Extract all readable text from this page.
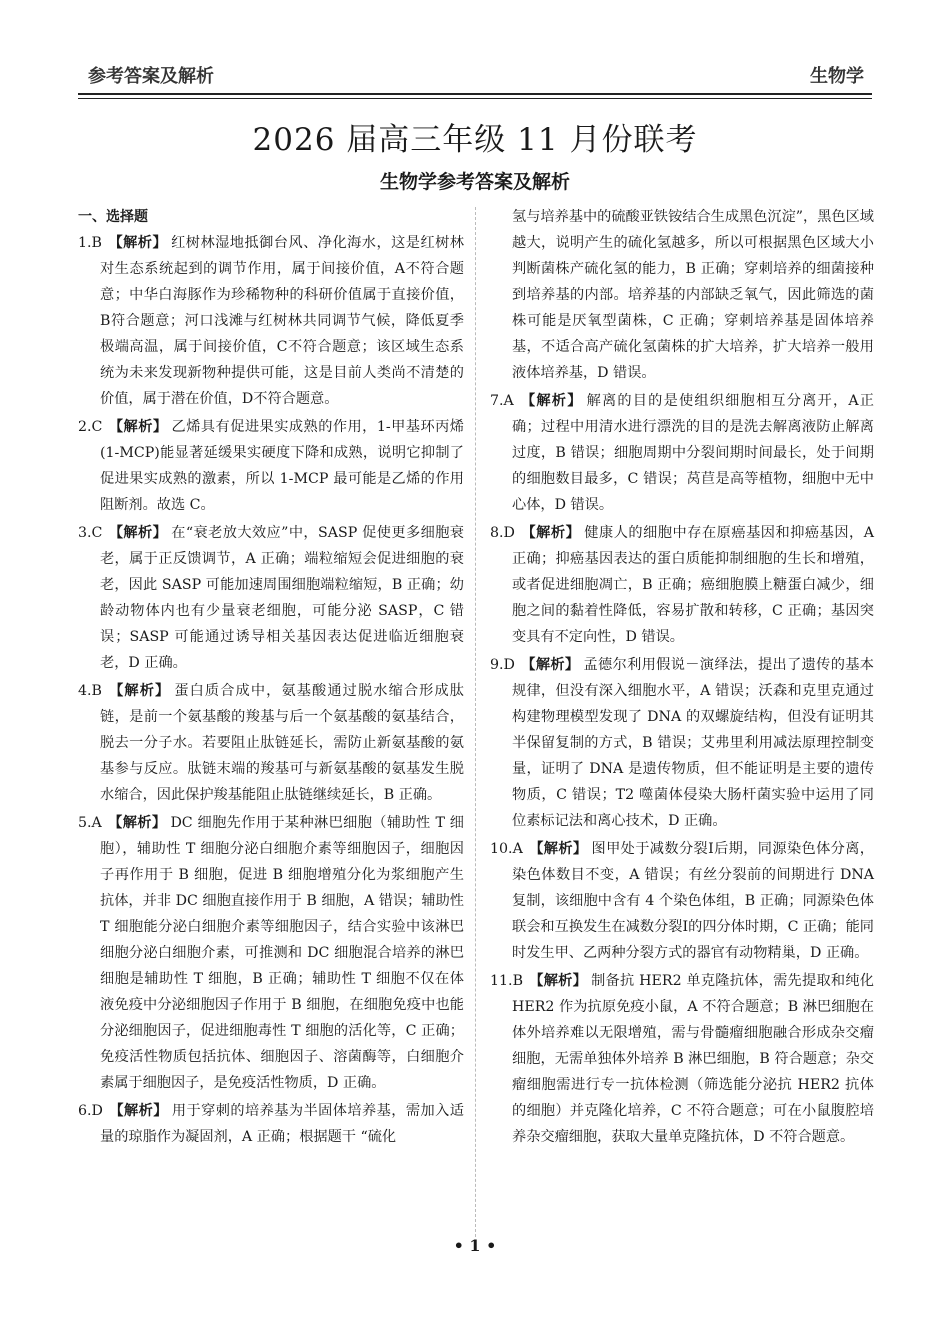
参考答案及解析	生物学
2026 届高三年级 11 月份联考
生物学参考答案及解析
一、选择题

1.B 【解析】 红树林湿地抵御台风、净化海水，这是红树林对生态系统起到的调节作用，属于间接价值，A不符合题意；中华白海豚作为珍稀物种的科研价值属于直接价值，B符合题意；河口浅滩与红树林共同调节气候，降低夏季极端高温，属于间接价值，C不符合题意；该区域生态系统为未来发现新物种提供可能，这是目前人类尚不清楚的价值，属于潜在价值，D不符合题意。

2.C 【解析】 乙烯具有促进果实成熟的作用，1-甲基环丙烯(1-MCP)能显著延缓果实硬度下降和成熟，说明它抑制了促进果实成熟的激素，所以 1-MCP 最可能是乙烯的作用阻断剂。故选 C。

3.C 【解析】 在“衰老放大效应”中，SASP 促使更多细胞衰老，属于正反馈调节，A 正确；端粒缩短会促进细胞的衰老，因此 SASP 可能加速周围细胞端粒缩短，B 正确；幼龄动物体内也有少量衰老细胞，可能分泌 SASP，C 错误；SASP 可能通过诱导相关基因表达促进临近细胞衰老，D 正确。

4.B 【解析】 蛋白质合成中，氨基酸通过脱水缩合形成肽链，是前一个氨基酸的羧基与后一个氨基酸的氨基结合，脱去一分子水。若要阻止肽链延长，需防止新氨基酸的氨基参与反应。肽链末端的羧基可与新氨基酸的氨基发生脱水缩合，因此保护羧基能阻止肽链继续延长，B 正确。

5.A 【解析】 DC 细胞先作用于某种淋巴细胞（辅助性 T 细胞），辅助性 T 细胞分泌白细胞介素等细胞因子，细胞因子再作用于 B 细胞，促进 B 细胞增殖分化为浆细胞产生抗体，并非 DC 细胞直接作用于 B 细胞，A 错误；辅助性 T 细胞能分泌白细胞介素等细胞因子，结合实验中该淋巴细胞分泌白细胞介素，可推测和 DC 细胞混合培养的淋巴细胞是辅助性 T 细胞，B 正确；辅助性 T 细胞不仅在体液免疫中分泌细胞因子作用于 B 细胞，在细胞免疫中也能分泌细胞因子，促进细胞毒性 T 细胞的活化等，C 正确；免疫活性物质包括抗体、细胞因子、溶菌酶等，白细胞介素属于细胞因子，是免疫活性物质，D 正确。

6.D 【解析】 用于穿刺的培养基为半固体培养基，需加入适量的琼脂作为凝固剂，A 正确；根据题干 “硫化

氢与培养基中的硫酸亚铁铵结合生成黑色沉淀”，黑色区域越大，说明产生的硫化氢越多，所以可根据黑色区域大小判断菌株产硫化氢的能力，B 正确；穿刺培养的细菌接种到培养基的内部。培养基的内部缺乏氧气，因此筛选的菌株可能是厌氧型菌株，C 正确；穿刺培养基是固体培养基，不适合高产硫化氢菌株的扩大培养，扩大培养一般用液体培养基，D 错误。

7.A 【解析】 解离的目的是使组织细胞相互分离开，A正确；过程中用清水进行漂洗的目的是洗去解离液防止解离过度，B 错误；细胞周期中分裂间期时间最长，处于间期的细胞数目最多，C 错误；莴苣是高等植物，细胞中无中心体，D 错误。

8.D 【解析】 健康人的细胞中存在原癌基因和抑癌基因，A 正确；抑癌基因表达的蛋白质能抑制细胞的生长和增殖，或者促进细胞凋亡，B 正确；癌细胞膜上糖蛋白减少，细胞之间的黏着性降低，容易扩散和转移，C 正确；基因突变具有不定向性，D 错误。

9.D 【解析】 孟德尔利用假说－演绎法，提出了遗传的基本规律，但没有深入细胞水平，A 错误；沃森和克里克通过构建物理模型发现了 DNA 的双螺旋结构，但没有证明其半保留复制的方式，B 错误；艾弗里利用减法原理控制变量，证明了 DNA 是遗传物质，但不能证明是主要的遗传物质，C 错误；T2 噬菌体侵染大肠杆菌实验中运用了同位素标记法和离心技术，D 正确。

10.A 【解析】 图甲处于减数分裂Ⅰ后期，同源染色体分离，染色体数目不变，A 错误；有丝分裂前的间期进行 DNA 复制，该细胞中含有 4 个染色体组，B 正确；同源染色体联会和互换发生在减数分裂Ⅰ的四分体时期，C 正确；能同时发生甲、乙两种分裂方式的器官有动物精巢，D 正确。

11.B 【解析】 制备抗 HER2 单克隆抗体，需先提取和纯化 HER2 作为抗原免疫小鼠，A 不符合题意；B 淋巴细胞在体外培养难以无限增殖，需与骨髓瘤细胞融合形成杂交瘤细胞，无需单独体外培养 B 淋巴细胞，B 符合题意；杂交瘤细胞需进行专一抗体检测（筛选能分泌抗 HER2 抗体的细胞）并克隆化培养，C 不符合题意；可在小鼠腹腔培养杂交瘤细胞，获取大量单克隆抗体，D 不符合题意。

• 1 •
